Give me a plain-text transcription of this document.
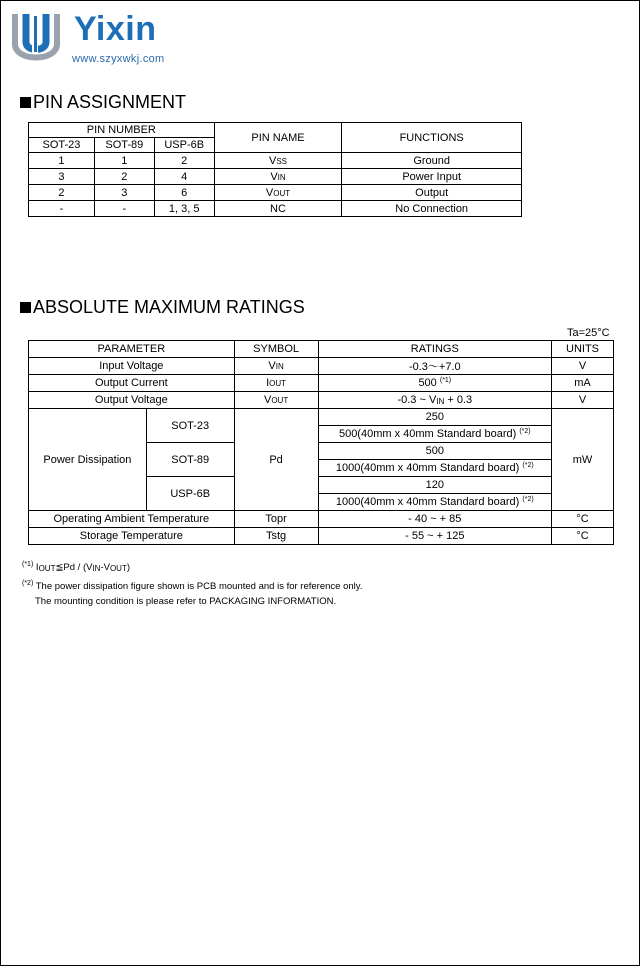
Yixin
www.szyxwkj.com
PIN ASSIGNMENT
PIN NUMBER			PIN NAME	FUNCTIONS
SOT-23	SOT-89	USP-6B		
1	1	2	VSS	Ground
3	2	4	VIN	Power Input
2	3	6	VOUT	Output
-	-	1, 3, 5	NC	No Connection
ABSOLUTE MAXIMUM RATINGS
Ta=25°C
PARAMETER		SYMBOL	RATINGS	UNITS
Input Voltage		VIN	-0.3～+7.0	V
Output Current		IOUT	500 $^{(*1)}$	mA
Output Voltage		VOUT	-0.3 ~ $V_{IN} + 0.3$	V
Power Dissipation	SOT-23	Pd	250	mW
			500(40mm x 40mm Standard board) $^{(*2)}$
	SOT-89		500	
			1000(40mm x 40mm Standard board) $^{(*2)}$
	USP-6B		120	
			1000(40mm x 40mm Standard board) $^{(*2)}$
Operating Ambient Temperature		Topr	- 40 ~ + 85	°C
Storage Temperature		Tstg	- 55 ~ + 125	°C
$^{(*1)}$ $I_{OUT}≦Pd / (V_{IN}-V_{OUT})$
$^{(*2)}$ The power dissipation figure shown is PCB mounted and is for reference only.
The mounting condition is please refer to PACKAGING INFORMATION.
